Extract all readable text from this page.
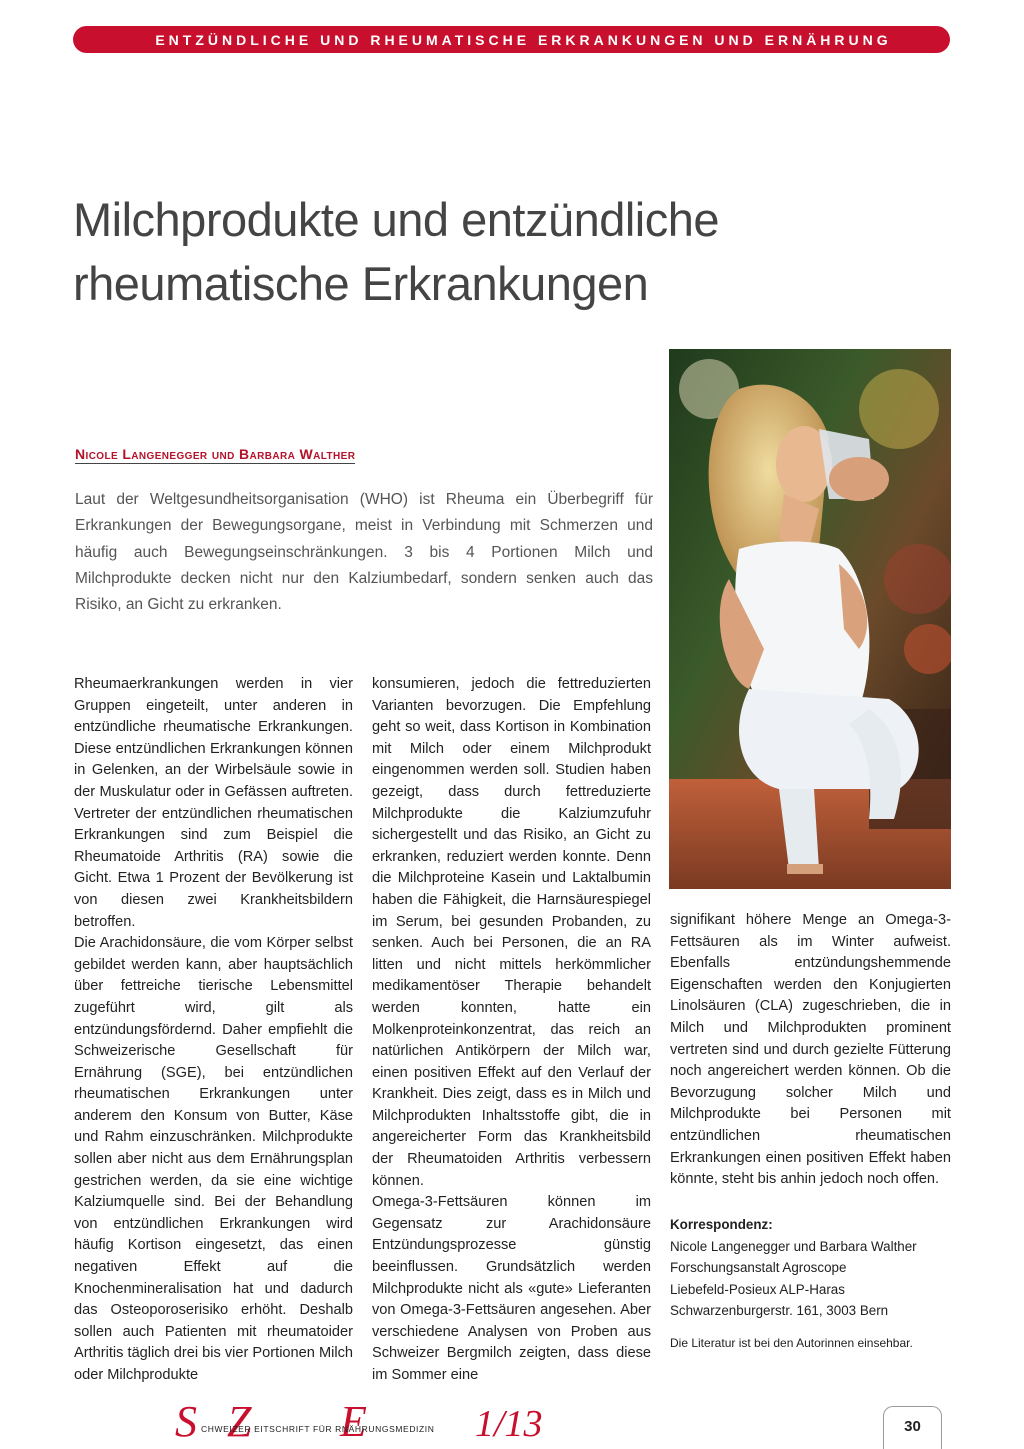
ENTZÜNDLICHE UND RHEUMATISCHE ERKRANKUNGEN UND ERNÄHRUNG
Milchprodukte und entzündliche
rheumatische Erkrankungen
Nicole Langenegger und Barbara Walther

Laut der Weltgesundheitsorganisation (WHO) ist Rheuma ein Überbegriff für Erkrankungen der Bewegungsorgane, meist in Verbindung mit Schmerzen und häufig auch Bewegungseinschränkungen. 3 bis 4 Portionen Milch und Milchprodukte decken nicht nur den Kalziumbedarf, sondern senken auch das Risiko, an Gicht zu erkranken.

Rheumaerkrankungen werden in vier Gruppen eingeteilt, unter anderen in entzündliche rheumatische Erkrankungen. Diese entzündlichen Erkrankungen können in Gelenken, an der Wirbelsäule sowie in der Muskulatur oder in Gefässen auftreten. Vertreter der entzündlichen rheumatischen Erkrankungen sind zum Beispiel die Rheumatoide Arthritis (RA) sowie die Gicht. Etwa 1 Prozent der Bevölkerung ist von diesen zwei Krankheitsbildern betroffen.

Die Arachidonsäure, die vom Körper selbst gebildet werden kann, aber hauptsächlich über fettreiche tierische Lebensmittel zugeführt wird, gilt als entzündungsfördernd. Daher empfiehlt die Schweizerische Gesellschaft für Ernährung (SGE), bei entzündlichen rheumatischen Erkrankungen unter anderem den Konsum von Butter, Käse und Rahm einzuschränken. Milchprodukte sollen aber nicht aus dem Ernährungsplan gestrichen werden, da sie eine wichtige Kalziumquelle sind. Bei der Behandlung von entzündlichen Erkrankungen wird häufig Kortison eingesetzt, das einen negativen Effekt auf die Knochenmineralisation hat und dadurch das Osteoporoserisiko erhöht. Deshalb sollen auch Patienten mit rheumatoider Arthritis täglich drei bis vier Portionen Milch oder Milchprodukte

konsumieren, jedoch die fettreduzierten Varianten bevorzugen. Die Empfehlung geht so weit, dass Kortison in Kombination mit Milch oder einem Milchprodukt eingenommen werden soll. Studien haben gezeigt, dass durch fettreduzierte Milchprodukte die Kalziumzufuhr sichergestellt und das Risiko, an Gicht zu erkranken, reduziert werden konnte. Denn die Milchproteine Kasein und Laktalbumin haben die Fähigkeit, die Harnsäurespiegel im Serum, bei gesunden Probanden, zu senken. Auch bei Personen, die an RA litten und nicht mittels herkömmlicher medikamentöser Therapie behandelt werden konnten, hatte ein Molkenproteinkonzentrat, das reich an natürlichen Antikörpern der Milch war, einen positiven Effekt auf den Verlauf der Krankheit. Dies zeigt, dass es in Milch und Milchprodukten Inhaltsstoffe gibt, die in angereicherter Form das Krankheitsbild der Rheumatoiden Arthritis verbessern können.

Omega-3-Fettsäuren können im Gegensatz zur Arachidonsäure Entzündungsprozesse günstig beeinflussen. Grundsätzlich werden Milchprodukte nicht als «gute» Lieferanten von Omega-3-Fettsäuren angesehen. Aber verschiedene Analysen von Proben aus Schweizer Bergmilch zeigten, dass diese im Sommer eine

signifikant höhere Menge an Omega-3-Fettsäuren als im Winter aufweist. Ebenfalls entzündungshemmende Eigenschaften werden den Konjugierten Linolsäuren (CLA) zugeschrieben, die in Milch und Milchprodukten prominent vertreten sind und durch gezielte Fütterung noch angereichert werden können. Ob die Bevorzugung solcher Milch und Milchprodukte bei Personen mit entzündlichen rheumatischen Erkrankungen einen positiven Effekt haben könnte, steht bis anhin jedoch noch offen.

Korrespondenz:
Nicole Langenegger und Barbara Walther
Forschungsanstalt Agroscope
Liebefeld-Posieux ALP-Haras
Schwarzenburgerstr. 161, 3003 Bern
Die Literatur ist bei den Autorinnen einsehbar.
S Z E
CHWEIZER EITSCHRIFT FÜR RNÄHRUNGSMEDIZIN 1/13	30
